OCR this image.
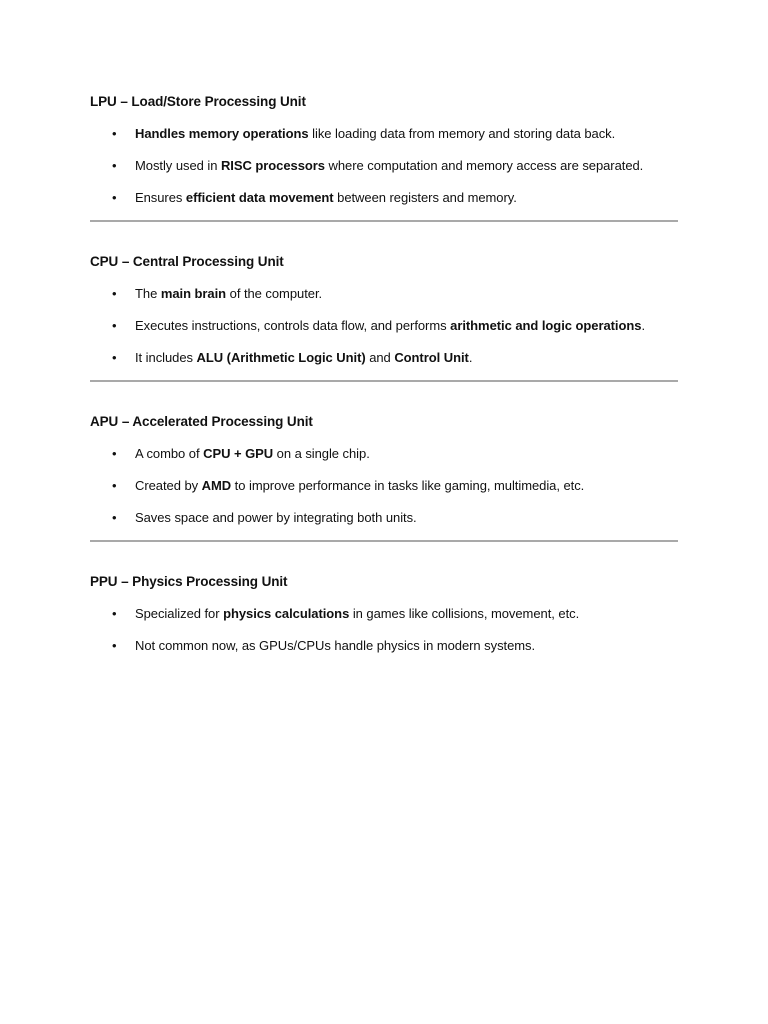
LPU – Load/Store Processing Unit
• Handles memory operations like loading data from memory and storing data back.
• Mostly used in RISC processors where computation and memory access are separated.
• Ensures efficient data movement between registers and memory.
CPU – Central Processing Unit
• The main brain of the computer.
• Executes instructions, controls data flow, and performs arithmetic and logic operations.
• It includes ALU (Arithmetic Logic Unit) and Control Unit.
APU – Accelerated Processing Unit
• A combo of CPU + GPU on a single chip.
• Created by AMD to improve performance in tasks like gaming, multimedia, etc.
• Saves space and power by integrating both units.
PPU – Physics Processing Unit
• Specialized for physics calculations in games like collisions, movement, etc.
• Not common now, as GPUs/CPUs handle physics in modern systems.
